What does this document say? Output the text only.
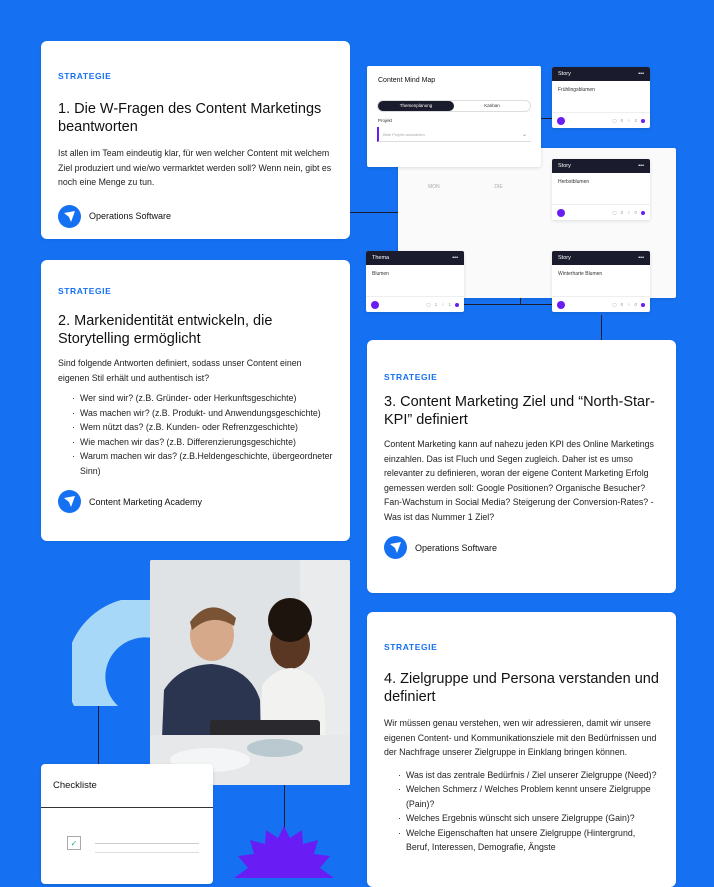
STRATEGIE
1. Die W-Fragen des Content Marketings beantworten

Ist allen im Team eindeutig klar, für wen welcher Content mit welchem Ziel produziert und wie/wo vermarktet werden soll? Wenn nein, gibt es noch eine Menge zu tun.

Operations Software
STRATEGIE
2. Markenidentität entwickeln, die Storytelling ermöglicht

Sind folgende Antworten definiert, sodass unser Content einen eigenen Stil erhält und authentisch ist?

· Wer sind wir? (z.B. Gründer- oder Herkunftsgeschichte)
· Was machen wir? (z.B. Produkt- und Anwendungsgeschichte)
· Wem nützt das? (z.B. Kunden- oder Refrenzgeschichte)
· Wie machen wir das? (z.B. Differenzierungsgeschichte)
· Warum machen wir das? (z.B.Heldengeschichte, übergeordneter Sinn)
Content Marketing Academy
MON	DIE
Content Mind Map
Themenplanung	Kanban
Projekt
Bitte Projekt auswählen	⌄
Story	•••
Frühlingsblumen
▢ 0 ♀ 2
Story	•••
Herbstblumen
▢ 0 ♀ 0
Thema	•••
Blumen
▢ 1 ♀ 1
Story	•••
Winterharte Blumen
▢ 0 ♀ 0
STRATEGIE
3. Content Marketing Ziel und “North-Star-KPI” definiert

Content Marketing kann auf nahezu jeden KPI des Online Marketings einzahlen. Das ist Fluch und Segen zugleich. Daher ist es umso relevanter zu definieren, woran der eigene Content Marketing Erfolg gemessen werden soll: Google Positionen? Organische Besucher? Fan-Wachstum in Social Media? Steigerung der Conversion-Rates? - Was ist das Nummer 1 Ziel?

Operations Software
Checkliste
✓
STRATEGIE
4. Zielgruppe und Persona verstanden und definiert

Wir müssen genau verstehen, wen wir adressieren, damit wir unsere eigenen Content- und Kommunikationsziele mit den Bedürfnissen und der Nachfrage unserer Zielgruppe in Einklang bringen können.

· Was ist das zentrale Bedürfnis / Ziel unserer Zielgruppe (Need)?
· Welchen Schmerz / Welches Problem kennt unsere Zielgruppe (Pain)?
· Welches Ergebnis wünscht sich unsere Zielgruppe (Gain)?
· Welche Eigenschaften hat unsere Zielgruppe (Hintergrund, Beruf, Interessen, Demografie, Ängste
